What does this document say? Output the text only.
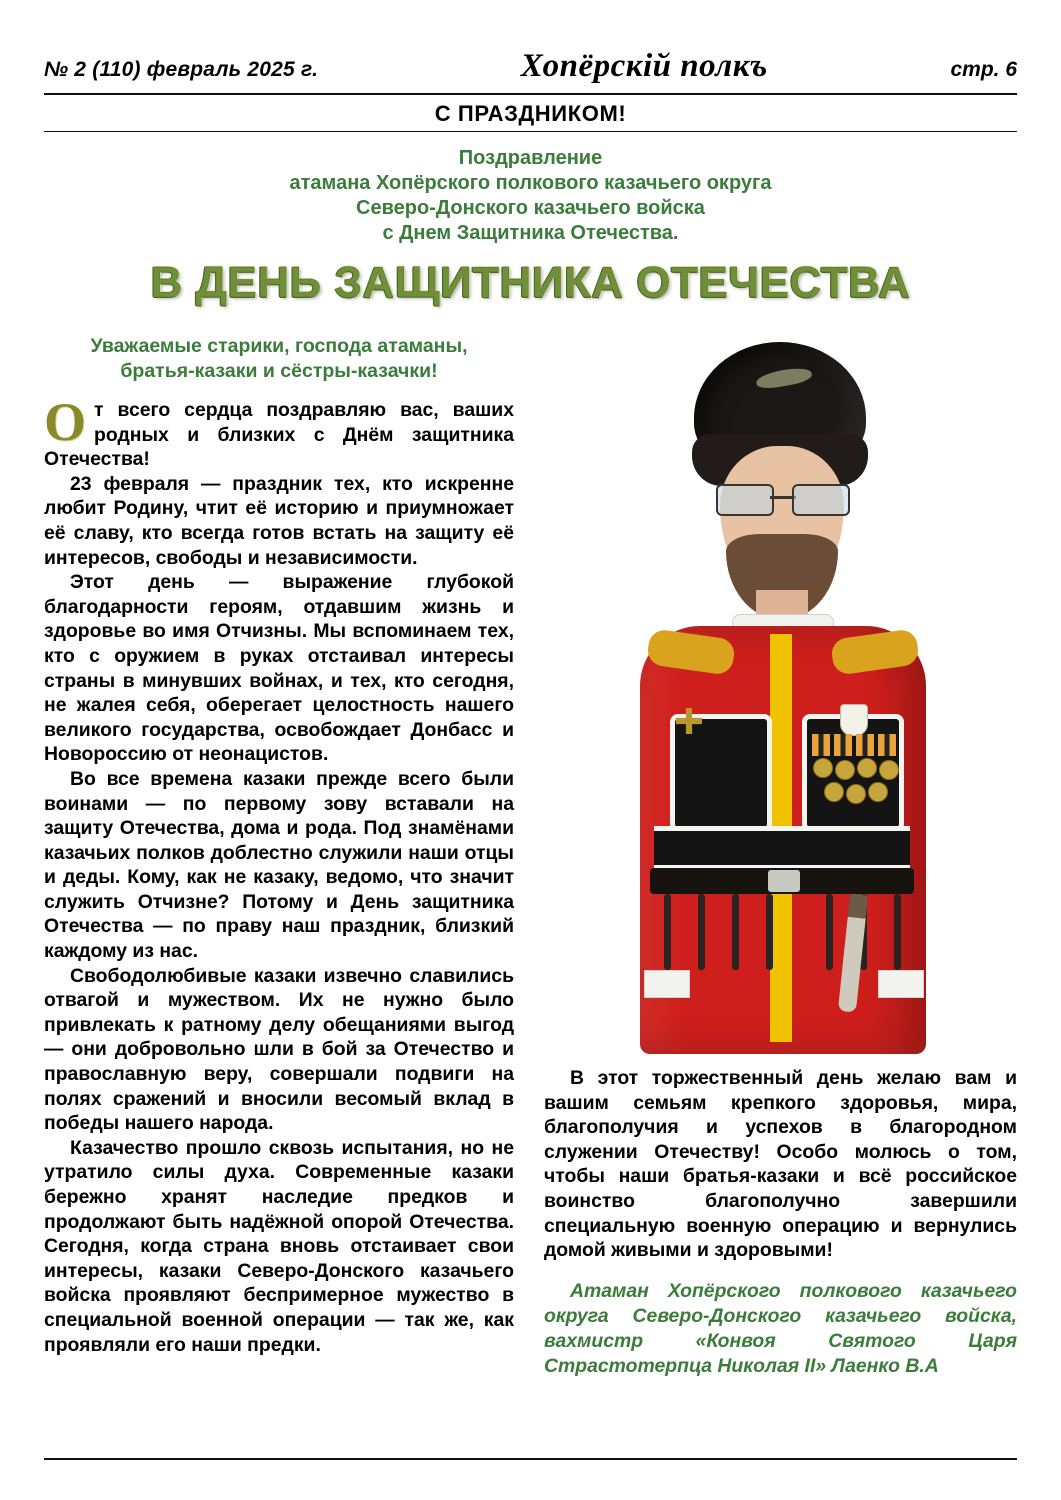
№ 2 (110) февраль 2025 г.	Хопёрскій полкъ	стр. 6
С ПРАЗДНИКОМ!
Поздравление
атамана Хопёрского полкового казачьего округа
Северо-Донского казачьего войска
с Днем Защитника Отечества.
В ДЕНЬ ЗАЩИТНИКА ОТЕЧЕСТВА
Уважаемые старики, господа атаманы,
братья-казаки и сёстры-казачки!

От всего сердца поздравляю вас, ваших родных и близких с Днём защитника Отечества!

23 февраля — праздник тех, кто искренне любит Родину, чтит её историю и приумножает её славу, кто всегда готов встать на защиту её интересов, свободы и независимости.

Этот день — выражение глубокой благодарности героям, отдавшим жизнь и здоровье во имя Отчизны. Мы вспоминаем тех, кто с оружием в руках отстаивал интересы страны в минувших войнах, и тех, кто сегодня, не жалея себя, оберегает целостность нашего великого государства, освобождает Донбасс и Новороссию от неонацистов.

Во все времена казаки прежде всего были воинами — по первому зову вставали на защиту Отечества, дома и рода. Под знамёнами казачьих полков доблестно служили наши отцы и деды. Кому, как не казаку, ведомо, что значит служить Отчизне? Потому и День защитника Отечества — по праву наш праздник, близкий каждому из нас.

Свободолюбивые казаки извечно славились отвагой и мужеством. Их не нужно было привлекать к ратному делу обещаниями выгод — они добровольно шли в бой за Отечество и православную веру, совершали подвиги на полях сражений и вносили весомый вклад в победы нашего народа.

Казачество прошло сквозь испытания, но не утратило силы духа. Современные казаки бережно хранят наследие предков и продолжают быть надёжной опорой Отечества. Сегодня, когда страна вновь отстаивает свои интересы, казаки Северо-Донского казачьего войска проявляют беспримерное мужество в специальной военной операции — так же, как проявляли его наши предки.

В этот торжественный день желаю вам и вашим семьям крепкого здоровья, мира, благополучия и успехов в благородном служении Отечеству! Особо молюсь о том, чтобы наши братья-казаки и всё российское воинство благополучно завершили специальную военную операцию и вернулись домой живыми и здоровыми!

Атаман Хопёрского полкового казачьего округа Северо-Донского казачьего войска, вахмистр «Конвоя Святого Царя Страстотерпца Николая II» Лаенко В.А
